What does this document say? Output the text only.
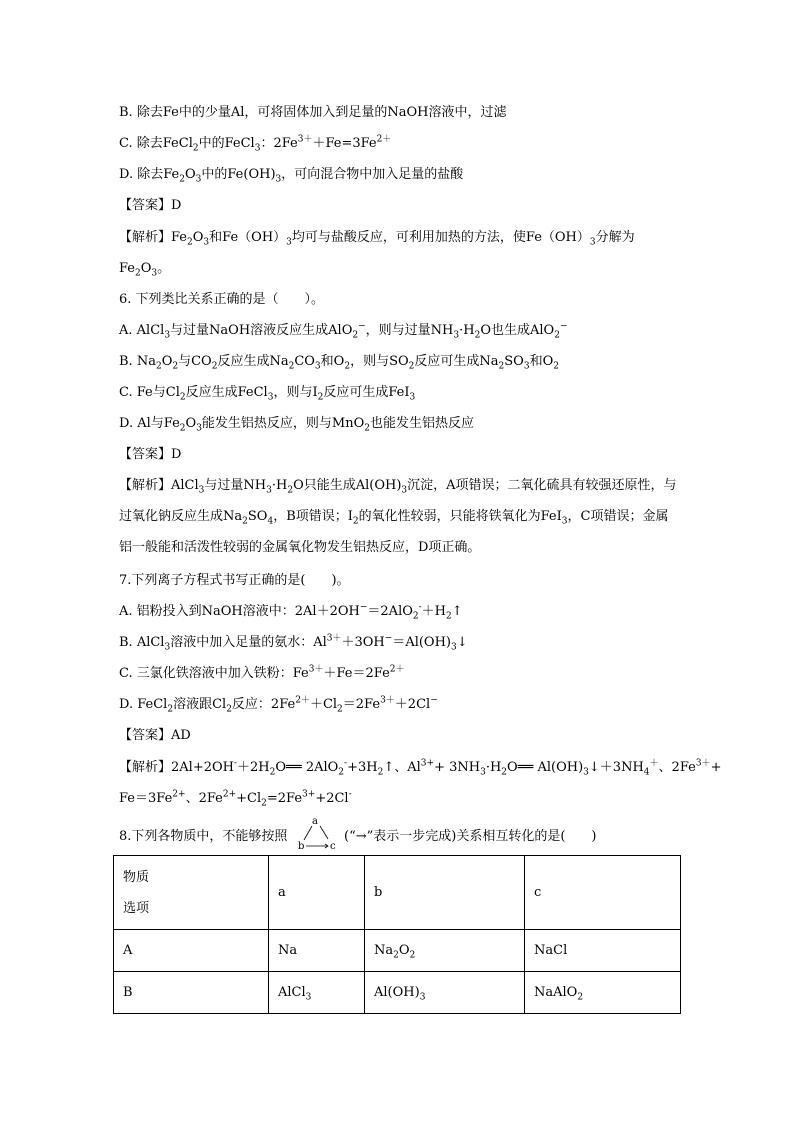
B. 除去Fe中的少量Al，可将固体加入到足量的NaOH溶液中，过滤
C. 除去FeCl$_2$中的FeCl$_3$：$2Fe^{3+}+Fe=3Fe^{2+}$
D. 除去$Fe_2O_3$中的$Fe(OH)_3$，可向混合物中加入足量的盐酸
【答案】D
【解析】$Fe_2O_3$和$Fe(OH)_3$均可与盐酸反应，可利用加热的方法，使$Fe(OH)_3$分解为
$Fe_2O_3$。
6. 下列类比关系正确的是（　　）。
A. AlCl$_3$与过量NaOH溶液反应生成AlO$_2$−，则与过量$NH_3\cdot H_2O$也生成AlO$_2$−
B. $Na_2O_2$与$CO_2$反应生成$Na_2CO_3$和$O_2$，则与$SO_2$反应可生成$Na_2SO_3$和$O_2$
C. Fe与$Cl_2$反应生成FeCl$_3$，则与$I_2$反应可生成FeI$_3$
D. Al与$Fe_2O_3$能发生铝热反应，则与MnO$_2$也能发生铝热反应
【答案】D
【解析】AlCl$_3$与过量$NH_3\cdot H_2O$只能生成$Al(OH)_3$沉淀，A项错误；二氧化硫具有较强还原性，与过氧化钠反应生成$Na_2SO_4$，B项错误；$I_2$的氧化性较弱，只能将铁氧化为FeI$_3$，C项错误；金属铝一般能和活泼性较弱的金属氧化物发生铝热反应，D项正确。
7.下列离子方程式书写正确的是(　　)。
A. 铝粉投入到NaOH溶液中：$2Al+2OH^-=2AlO_2^-+H_2↑$
B. AlCl$_3$溶液中加入足量的氨水：$Al^{3+}+3OH^-=Al(OH)_3↓$
C. 三氯化铁溶液中加入铁粉：$Fe^{3+}+Fe=2Fe^{2+}$
D. FeCl$_2$溶液跟$Cl_2$反应：$2Fe^{2+}+Cl_2=2Fe^{3+}+2Cl^-$
【答案】AD
【解析】$2Al+2OH^-+2H_2O══$ $2AlO_2^-+3H_2↑$、$Al^{3+}+$ $3NH_3\cdot H_2O══$ $Al(OH)_3↓+3NH_4^+$、$2Fe^{3+}+$
$Fe=3Fe^{2+}$、$2Fe^{2+}+Cl_2=2Fe^{3+}+2Cl^-$
8.下列各物质中，不能够按照
a
b	c
(“→”表示一步完成)关系相互转化的是(　　)
物质
选项	a	b	c
A	Na	$Na_2O_2$	NaCl
B	AlCl$_3$	$Al(OH)_3$	NaAlO$_2$
